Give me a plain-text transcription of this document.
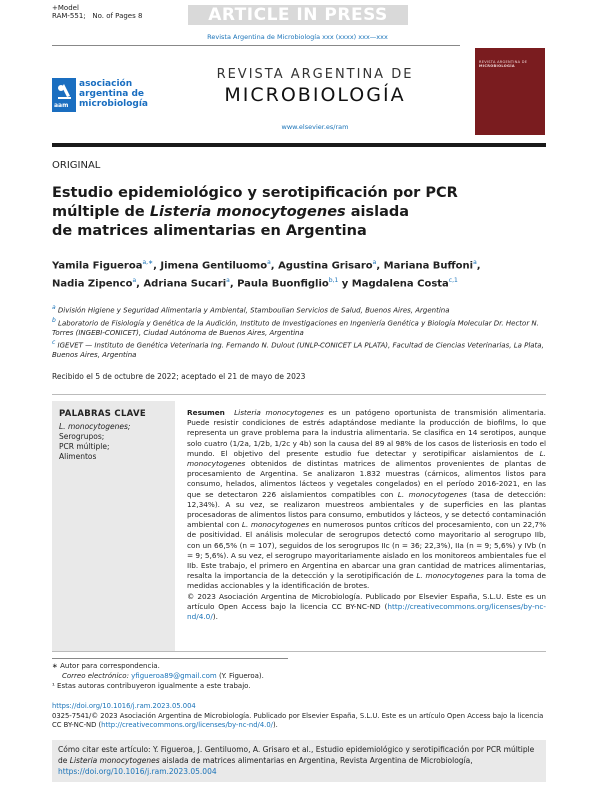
+Model
RAM-551; No. of Pages 8	ARTICLE IN PRESS
Revista Argentina de Microbiología xxx (xxxx) xxx—xxx
aam
asociación
argentina de
microbiología
REVISTA ARGENTINA DE
MICROBIOLOGÍA
www.elsevier.es/ram
REVISTA ARGENTINA DE
MICROBIOLOGÍA
ORIGINAL
Estudio epidemiológico y serotipificación por PCR
múltiple de Listeria monocytogenes aislada
de matrices alimentarias en Argentina
Yamila Figueroa$^{a,∗}$, Jimena Gentiluomo$^a$, Agustina Grisaro$^a$, Mariana Buffoni$^a$,
Nadia Zipenco$^a$, Adriana Sucari$^a$, Paula Buonfiglio$^{b,1}$ y Magdalena Costa$^{c,1}$
$^a$ División Higiene y Seguridad Alimentaria y Ambiental, Stamboulian Servicios de Salud, Buenos Aires, Argentina
$^b$ Laboratorio de Fisiología y Genética de la Audición, Instituto de Investigaciones en Ingeniería Genética y Biología Molecular Dr. Hector N. Torres (INGEBI-CONICET), Ciudad Autónoma de Buenos Aires, Argentina
$^c$ IGEVET — Instituto de Genética Veterinaria Ing. Fernando N. Dulout (UNLP-CONICET LA PLATA), Facultad de Ciencias Veterinarias, La Plata, Buenos Aires, Argentina
Recibido el 5 de octubre de 2022; aceptado el 21 de mayo de 2023
PALABRAS CLAVE
L. monocytogenes;
Serogrupos;
PCR múltiple;
Alimentos
Resumen Listeria monocytogenes es un patógeno oportunista de transmisión alimentaria. Puede resistir condiciones de estrés adaptándose mediante la producción de biofilms, lo que representa un grave problema para la industria alimentaria. Se clasifica en 14 serotipos, aunque solo cuatro (1/2a, 1/2b, 1/2c y 4b) son la causa del 89 al 98% de los casos de listeriosis en todo el mundo. El objetivo del presente estudio fue detectar y serotipificar aislamientos de L. monocytogenes obtenidos de distintas matrices de alimentos provenientes de plantas de procesamiento de Argentina. Se analizaron 1.832 muestras (cárnicos, alimentos listos para consumo, helados, alimentos lácteos y vegetales congelados) en el período 2016-2021, en las que se detectaron 226 aislamientos compatibles con L. monocytogenes (tasa de detección: 12,34%). A su vez, se realizaron muestreos ambientales y de superficies en las plantas procesadoras de alimentos listos para consumo, embutidos y lácteos, y se detectó contaminación ambiental con L. monocytogenes en numerosos puntos críticos del procesamiento, con un 22,7% de positividad. El análisis molecular de serogrupos detectó como mayoritario al serogrupo IIb, con un 66,5% (n = 107), seguidos de los serogrupos IIc (n = 36; 22,3%), IIa (n = 9; 5,6%) y IVb (n = 9; 5,6%). A su vez, el serogrupo mayoritariamente aislado en los monitoreos ambientales fue el IIb. Este trabajo, el primero en Argentina en abarcar una gran cantidad de matrices alimentarias, resalta la importancia de la detección y la serotipificación de L. monocytogenes para la toma de medidas accionables y la identificación de brotes.
© 2023 Asociación Argentina de Microbiología. Publicado por Elsevier España, S.L.U. Este es un artículo Open Access bajo la licencia CC BY-NC-ND (http://creativecommons.org/licenses/by-nc-nd/4.0/).
∗ Autor para correspondencia.
Correo electrónico: yfigueroa89@gmail.com (Y. Figueroa).
¹ Estas autoras contribuyeron igualmente a este trabajo.
https://doi.org/10.1016/j.ram.2023.05.004
0325-7541/© 2023 Asociación Argentina de Microbiología. Publicado por Elsevier España, S.L.U. Este es un artículo Open Access bajo la licencia CC BY-NC-ND (http://creativecommons.org/licenses/by-nc-nd/4.0/).
Cómo citar este artículo: Y. Figueroa, J. Gentiluomo, A. Grisaro et al., Estudio epidemiológico y serotipificación por PCR múltiple de Listeria monocytogenes aislada de matrices alimentarias en Argentina, Revista Argentina de Microbiología, https://doi.org/10.1016/j.ram.2023.05.004
